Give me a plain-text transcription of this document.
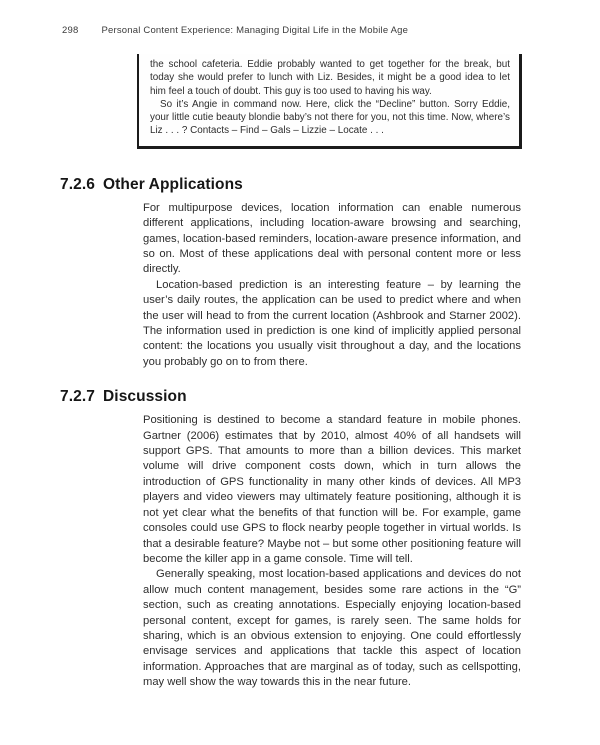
298 Personal Content Experience: Managing Digital Life in the Mobile Age

the school cafeteria. Eddie probably wanted to get together for the break, but today she would prefer to lunch with Liz. Besides, it might be a good idea to let him feel a touch of doubt. This guy is too used to having his way.

So it’s Angie in command now. Here, click the “Decline” button. Sorry Eddie, your little cutie beauty blondie baby’s not there for you, not this time. Now, where’s Liz . . . ? Contacts – Find – Gals – Lizzie – Locate . . .

7.2.6 Other Applications

For multipurpose devices, location information can enable numerous different applications, including location-aware browsing and searching, games, location-based reminders, location-aware presence information, and so on. Most of these applications deal with personal content more or less directly.

Location-based prediction is an interesting feature – by learning the user’s daily routes, the application can be used to predict where and when the user will head to from the current location (Ashbrook and Starner 2002). The information used in prediction is one kind of implicitly applied personal content: the locations you usually visit throughout a day, and the locations you probably go on to from there.

7.2.7 Discussion

Positioning is destined to become a standard feature in mobile phones. Gartner (2006) estimates that by 2010, almost 40% of all handsets will support GPS. That amounts to more than a billion devices. This market volume will drive component costs down, which in turn allows the introduction of GPS functionality in many other kinds of devices. All MP3 players and video viewers may ultimately feature positioning, although it is not yet clear what the benefits of that function will be. For example, game consoles could use GPS to flock nearby people together in virtual worlds. Is that a desirable feature? Maybe not – but some other positioning feature will become the killer app in a game console. Time will tell.

Generally speaking, most location-based applications and devices do not allow much content management, besides some rare actions in the “G” section, such as creating annotations. Especially enjoying location-based personal content, except for games, is rarely seen. The same holds for sharing, which is an obvious extension to enjoying. One could effortlessly envisage services and applications that tackle this aspect of location information. Approaches that are marginal as of today, such as cellspotting, may well show the way towards this in the near future.
